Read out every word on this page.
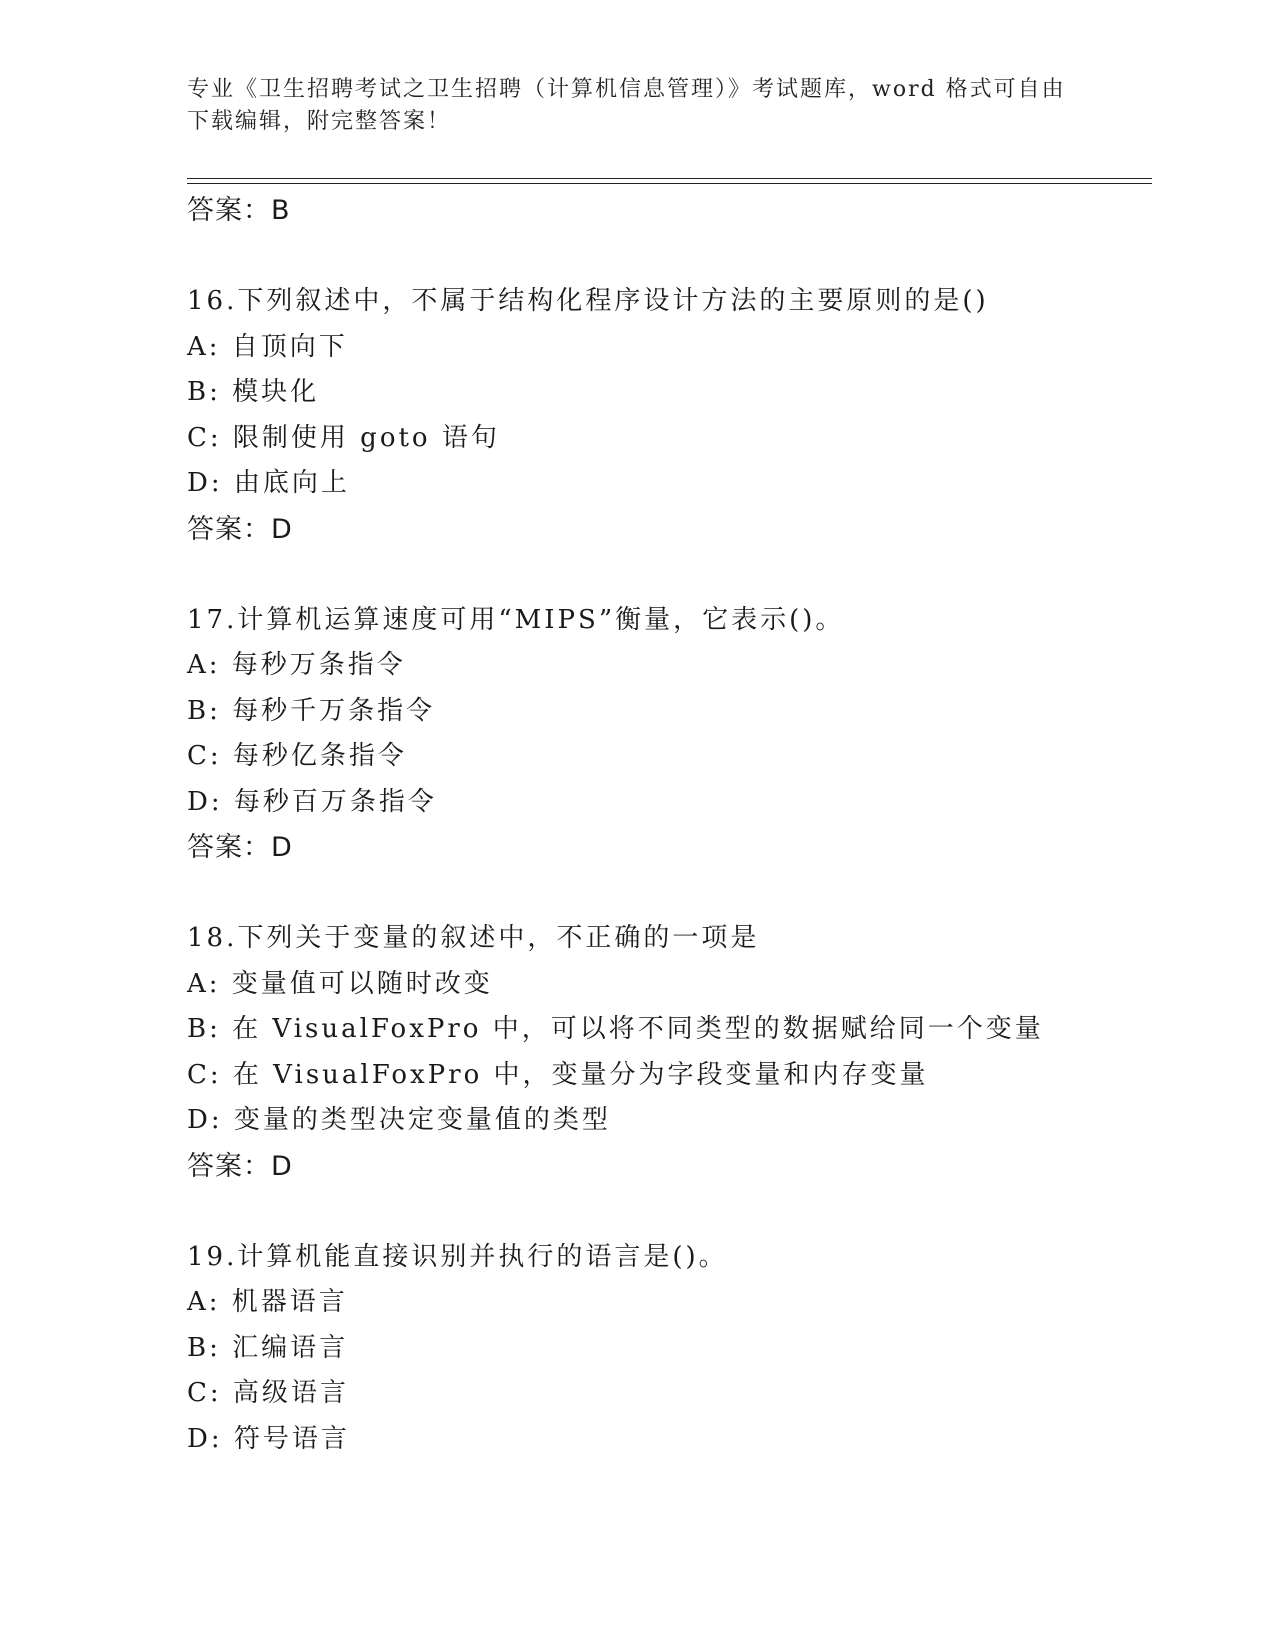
专业《卫生招聘考试之卫生招聘（计算机信息管理）》考试题库，word 格式可自由下载编辑，附完整答案！
答案：B
16.下列叙述中，不属于结构化程序设计方法的主要原则的是()
A: 自顶向下
B: 模块化
C: 限制使用 goto 语句
D: 由底向上
答案：D
17.计算机运算速度可用“MIPS”衡量，它表示()。
A: 每秒万条指令
B: 每秒千万条指令
C: 每秒亿条指令
D: 每秒百万条指令
答案：D
18.下列关于变量的叙述中，不正确的一项是
A: 变量值可以随时改变
B: 在 VisualFoxPro 中，可以将不同类型的数据赋给同一个变量
C: 在 VisualFoxPro 中，变量分为字段变量和内存变量
D: 变量的类型决定变量值的类型
答案：D
19.计算机能直接识别并执行的语言是()。
A: 机器语言
B: 汇编语言
C: 高级语言
D: 符号语言
